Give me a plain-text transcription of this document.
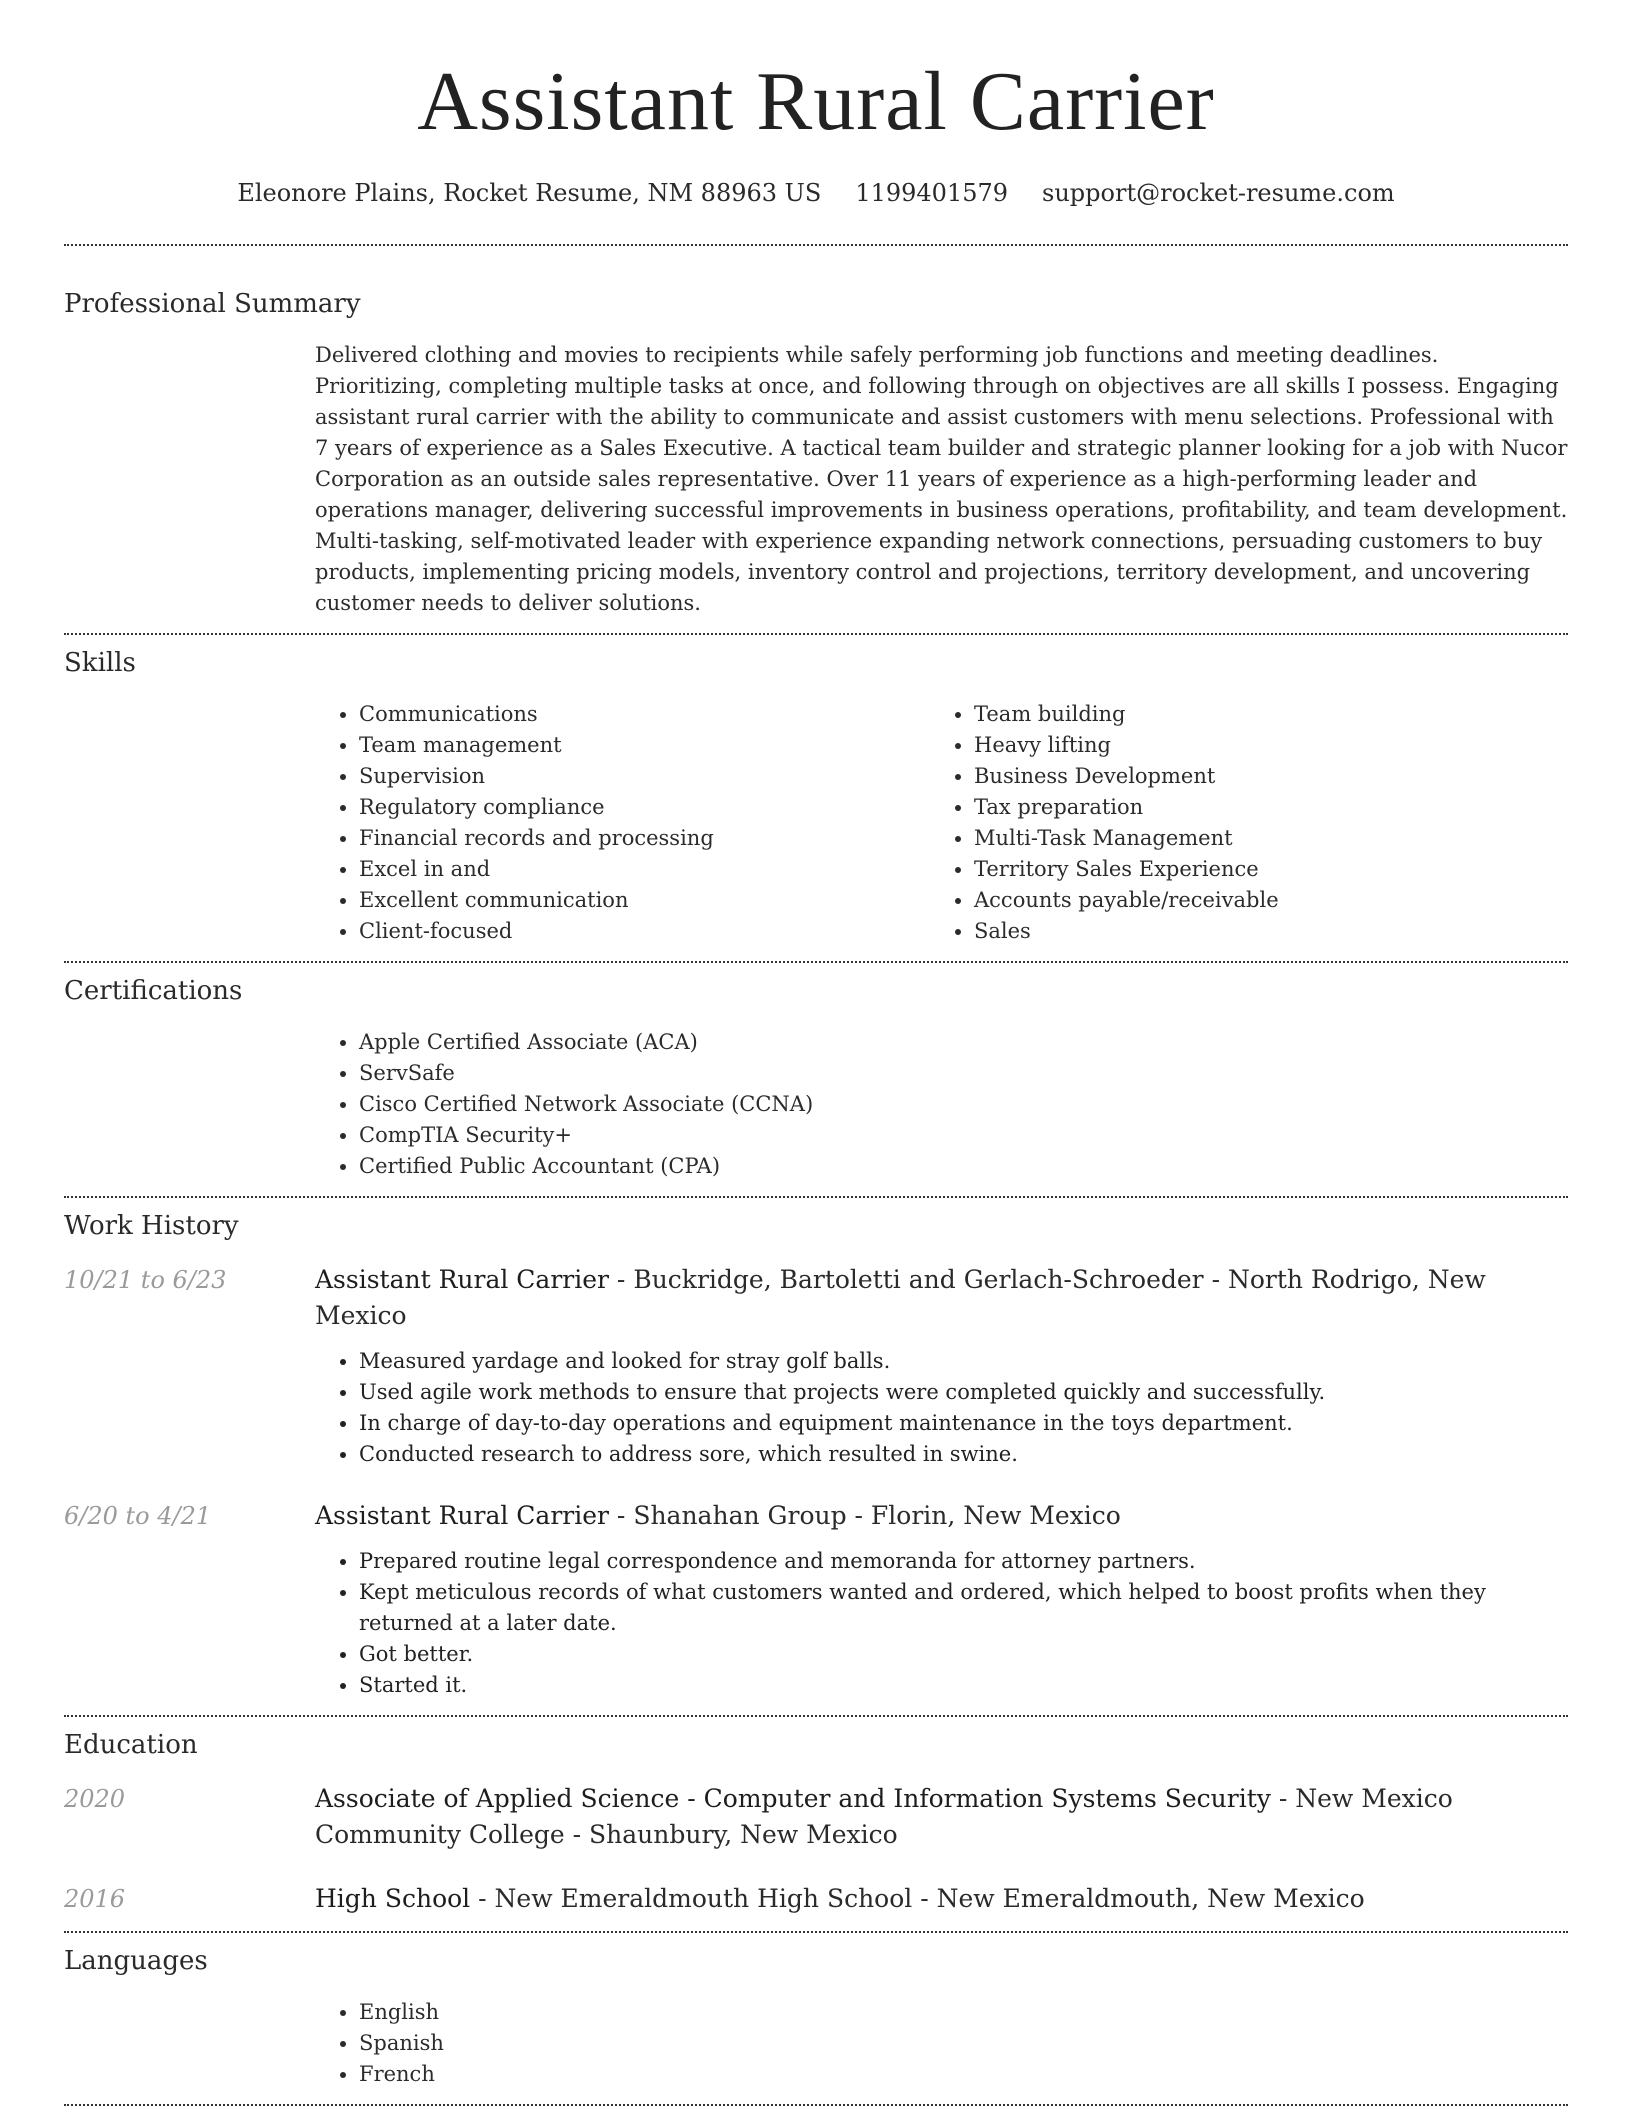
Assistant Rural Carrier
Eleonore Plains, Rocket Resume, NM 88963 US 1199401579 support@rocket-resume.com
Professional Summary

Delivered clothing and movies to recipients while safely performing job functions and meeting deadlines. Prioritizing, completing multiple tasks at once, and following through on objectives are all skills I possess. Engaging assistant rural carrier with the ability to communicate and assist customers with menu selections. Professional with 7 years of experience as a Sales Executive. A tactical team builder and strategic planner looking for a job with Nucor Corporation as an outside sales representative. Over 11 years of experience as a high-performing leader and operations manager, delivering successful improvements in business operations, profitability, and team development. Multi-tasking, self-motivated leader with experience expanding network connections, persuading customers to buy products, implementing pricing models, inventory control and projections, territory development, and uncovering customer needs to deliver solutions.

Skills
• Communications
• Team management
• Supervision
• Regulatory compliance
• Financial records and processing
• Excel in and
• Excellent communication
• Client-focused
• Team building
• Heavy lifting
• Business Development
• Tax preparation
• Multi-Task Management
• Territory Sales Experience
• Accounts payable/receivable
• Sales
Certifications
• Apple Certified Associate (ACA)
• ServSafe
• Cisco Certified Network Associate (CCNA)
• CompTIA Security+
• Certified Public Accountant (CPA)
Work History
10/21 to 6/23	Assistant Rural Carrier - Buckridge, Bartoletti and Gerlach-Schroeder - North Rodrigo, New Mexico
• Measured yardage and looked for stray golf balls.
• Used agile work methods to ensure that projects were completed quickly and successfully.
• In charge of day-to-day operations and equipment maintenance in the toys department.
• Conducted research to address sore, which resulted in swine.
6/20 to 4/21	Assistant Rural Carrier - Shanahan Group - Florin, New Mexico
• Prepared routine legal correspondence and memoranda for attorney partners.
• Kept meticulous records of what customers wanted and ordered, which helped to boost profits when they returned at a later date.
• Got better.
• Started it.
Education
2020	Associate of Applied Science - Computer and Information Systems Security - New Mexico Community College - Shaunbury, New Mexico
2016	High School - New Emeraldmouth High School - New Emeraldmouth, New Mexico
Languages
• English
• Spanish
• French
